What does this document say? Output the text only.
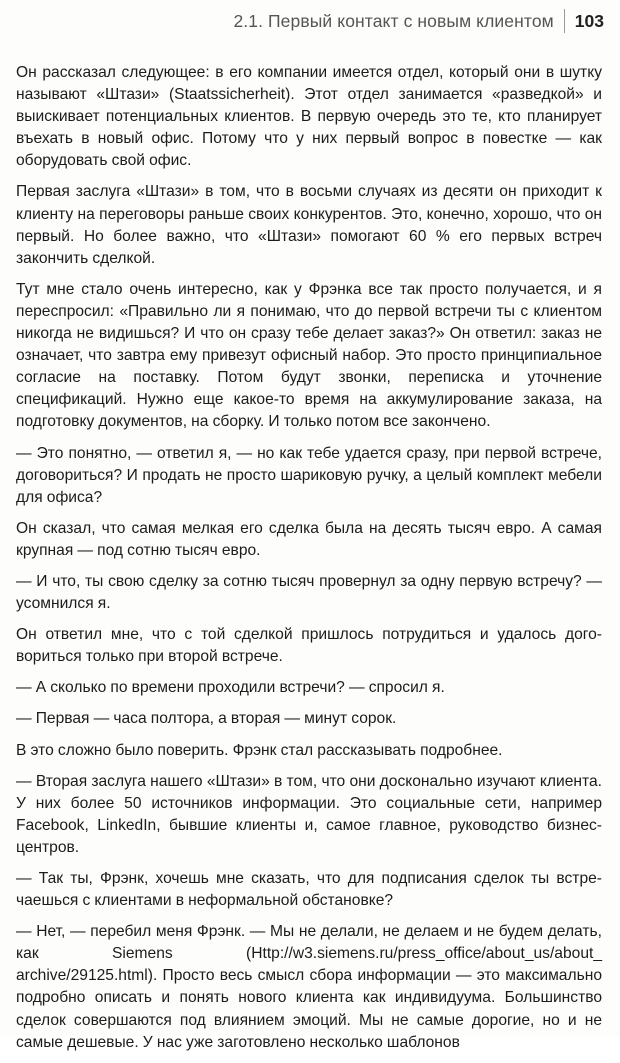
2.1. Первый контакт с новым клиентом 103

Он рассказал следующее: в его компании имеется отдел, который они в шутку называют «Штази» (Staatssicherheit). Этот отдел занимается «разведкой» и выискивает потенциальных клиентов. В первую очередь это те, кто планирует въехать в новый офис. Потому что у них первый вопрос в повестке — как оборудовать свой офис.

Первая заслуга «Штази» в том, что в восьми случаях из десяти он приходит к клиенту на переговоры раньше своих конкурентов. Это, конечно, хорошо, что он первый. Но более важно, что «Штази» помогают 60 % его первых встреч закончить сделкой.

Тут мне стало очень интересно, как у Фрэнка все так просто получается, и я переспросил: «Правильно ли я понимаю, что до первой встречи ты с клиентом никогда не видишься? И что он сразу тебе делает заказ?» Он ответил: заказ не означает, что завтра ему привезут офисный набор. Это просто принципиальное согласие на поставку. Потом будут звонки, переписка и уточнение спецификаций. Нужно еще какое-то время на аккумулирование заказа, на подготовку документов, на сборку. И только потом все закончено.

— Это понятно, — ответил я, — но как тебе удается сразу, при первой встрече, договориться? И продать не просто шариковую ручку, а целый комплект мебели для офиса?

Он сказал, что самая мелкая его сделка была на десять тысяч евро. А самая крупная — под сотню тысяч евро.

— И что, ты свою сделку за сотню тысяч провернул за одну первую встречу? — усомнился я.

Он ответил мне, что с той сделкой пришлось потрудиться и удалось договориться только при второй встрече.

— А сколько по времени проходили встречи? — спросил я.

— Первая — часа полтора, а вторая — минут сорок.

В это сложно было поверить. Фрэнк стал рассказывать подробнее.

— Вторая заслуга нашего «Штази» в том, что они досконально изучают клиента. У них более 50 источников информации. Это социальные сети, например Facebook, LinkedIn, бывшие клиенты и, самое главное, руководство бизнес-центров.

— Так ты, Фрэнк, хочешь мне сказать, что для подписания сделок ты встречаешься с клиентами в неформальной обстановке?

— Нет, — перебил меня Фрэнк. — Мы не делали, не делаем и не будем делать, как Siemens (Http://w3.siemens.ru/press_office/about_us/about_ archive/29125.html). Просто весь смысл сбора информации — это максимально подробно описать и понять нового клиента как индивидуума. Большинство сделок совершаются под влиянием эмоций. Мы не самые дорогие, но и не самые дешевые. У нас уже заготовлено несколько шаблонов
